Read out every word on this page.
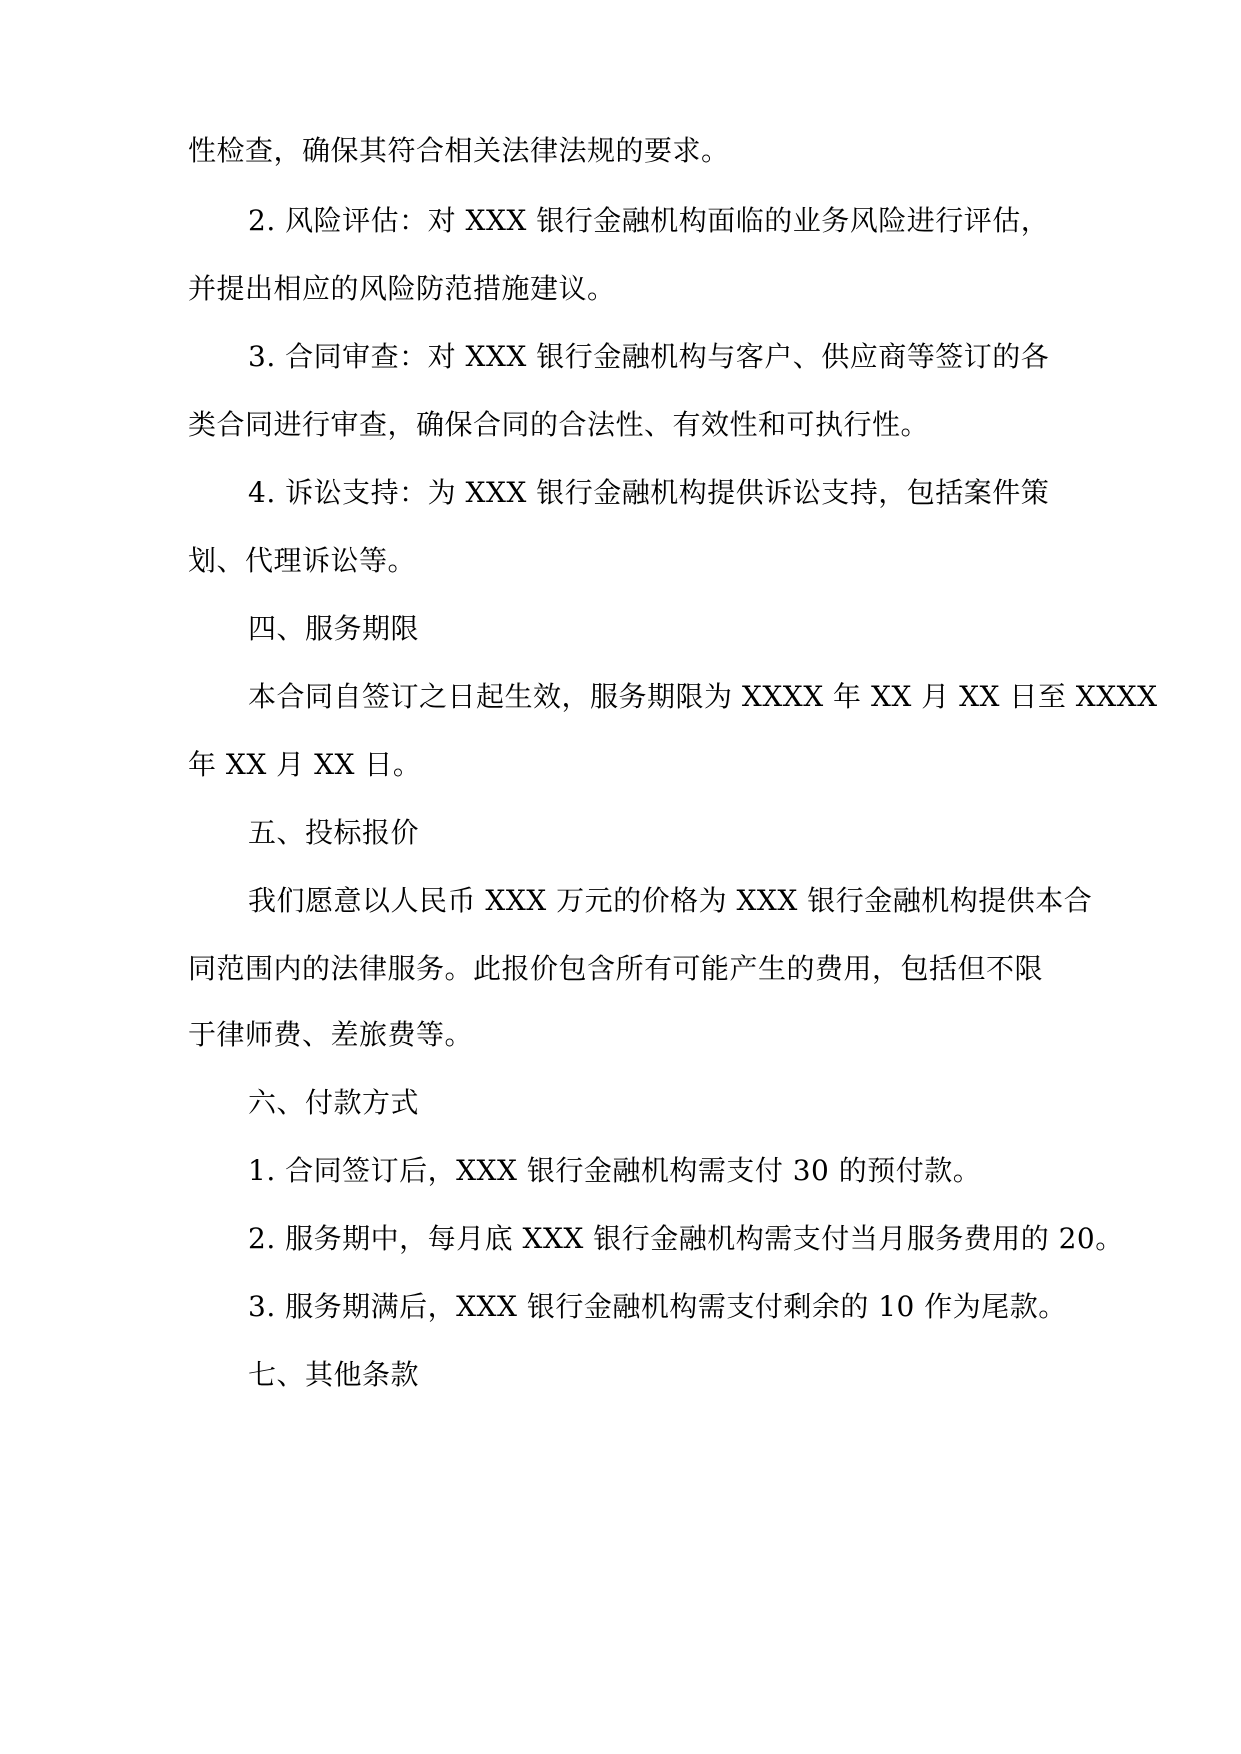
性检查，确保其符合相关法律法规的要求。

2. 风险评估：对 XXX 银行金融机构面临的业务风险进行评估，

并提出相应的风险防范措施建议。

3. 合同审查：对 XXX 银行金融机构与客户、供应商等签订的各

类合同进行审查，确保合同的合法性、有效性和可执行性。

4. 诉讼支持：为 XXX 银行金融机构提供诉讼支持，包括案件策

划、代理诉讼等。

四、服务期限

本合同自签订之日起生效，服务期限为 XXXX 年 XX 月 XX 日至 XXXX

年 XX 月 XX 日。

五、投标报价

我们愿意以人民币 XXX 万元的价格为 XXX 银行金融机构提供本合

同范围内的法律服务。此报价包含所有可能产生的费用，包括但不限

于律师费、差旅费等。

六、付款方式

1. 合同签订后，XXX 银行金融机构需支付 30 的预付款。

2. 服务期中，每月底 XXX 银行金融机构需支付当月服务费用的 20。

3. 服务期满后，XXX 银行金融机构需支付剩余的 10 作为尾款。

七、其他条款
